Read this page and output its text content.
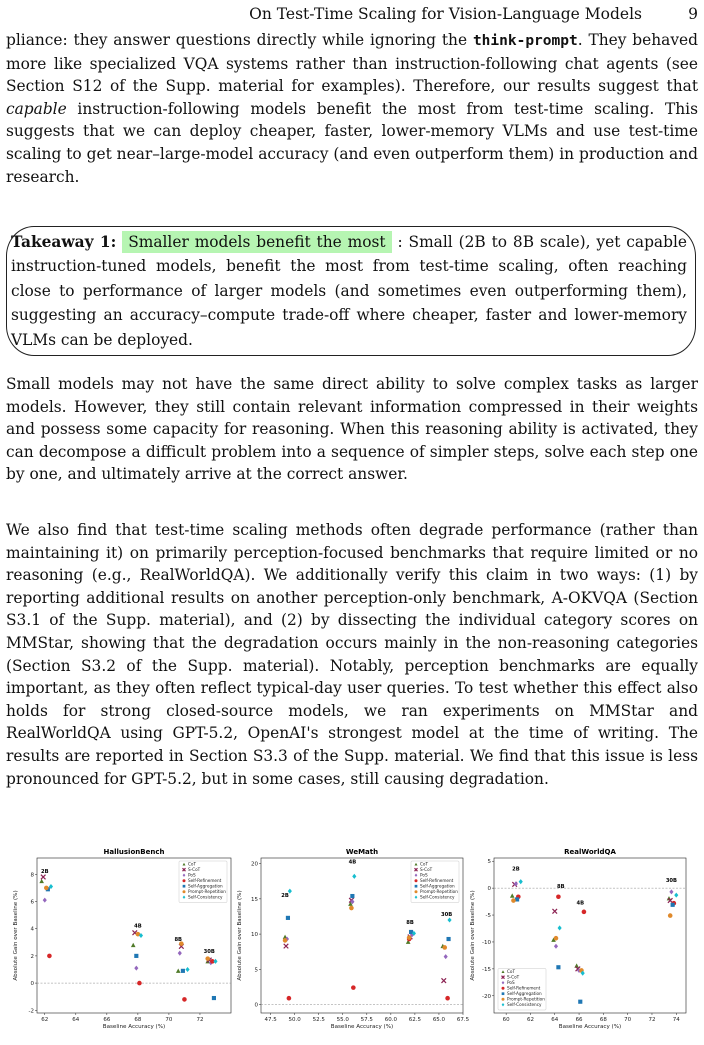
On Test-Time Scaling for Vision-Language Models	9

pliance: they answer questions directly while ignoring the think-prompt. They behaved more like specialized VQA systems rather than instruction-following chat agents (see Section S12 of the Supp. material for examples). Therefore, our results suggest that capable instruction-following models benefit the most from test-time scaling. This suggests that we can deploy cheaper, faster, lower-memory VLMs and use test-time scaling to get near–large-model accuracy (and even outperform them) in production and research.

Takeaway 1: Smaller models benefit the most : Small (2B to 8B scale), yet capable instruction-tuned models, benefit the most from test-time scaling, often reaching close to performance of larger models (and sometimes even outperforming them), suggesting an accuracy–compute trade-off where cheaper, faster and lower-memory VLMs can be deployed.

Small models may not have the same direct ability to solve complex tasks as larger models. However, they still contain relevant information compressed in their weights and possess some capacity for reasoning. When this reasoning ability is activated, they can decompose a difficult problem into a sequence of simpler steps, solve each step one by one, and ultimately arrive at the correct answer.

We also find that test-time scaling methods often degrade performance (rather than maintaining it) on primarily perception-focused benchmarks that require limited or no reasoning (e.g., RealWorldQA). We additionally verify this claim in two ways: (1) by reporting additional results on another perception-only benchmark, A-OKVQA (Section S3.1 of the Supp. material), and (2) by dissecting the individual category scores on MMStar, showing that the degradation occurs mainly in the non-reasoning categories (Section S3.2 of the Supp. material). Notably, perception benchmarks are equally important, as they often reflect typical-day user queries. To test whether this effect also holds for strong closed-source models, we ran experiments on MMStar and RealWorldQA using GPT-5.2, OpenAI's strongest model at the time of writing. The results are reported in Section S3.3 of the Supp. material. We find that this issue is less pronounced for GPT-5.2, but in some cases, still causing degradation.

HallusionBench
62	64	66	68	70	72
-2
0
2
4
6
8
Baseline Accuracy (%)
Absolute Gain over Baseline (%)
2B
4B
8B
30B
CoT
S-CoT
PoS
Self-Refinement
Self-Aggregation
Prompt-Repetition
Self-Consistency
WeMath
47.5 50.0 52.5 55.0 57.5 60.0 62.5 65.0 67.5
0
5
10
15
20
Baseline Accuracy (%)
Absolute Gain over Baseline (%)	2B
4B
8B
30B
CoT
S-CoT
PoS
Self-Refinement
Self-Aggregation
Prompt-Repetition
Self-Consistency
RealWorldQA
60	62	64	66	68	70	72	74
-20
-15
-10
-5
0
5
Baseline Accuracy (%)
Absolute Gain over Baseline (%)
2B
8B
4B
30B
CoT
S-CoT
PoS
Self-Refinement
Self-Aggregation
Prompt-Repetition
Self-Consistency
